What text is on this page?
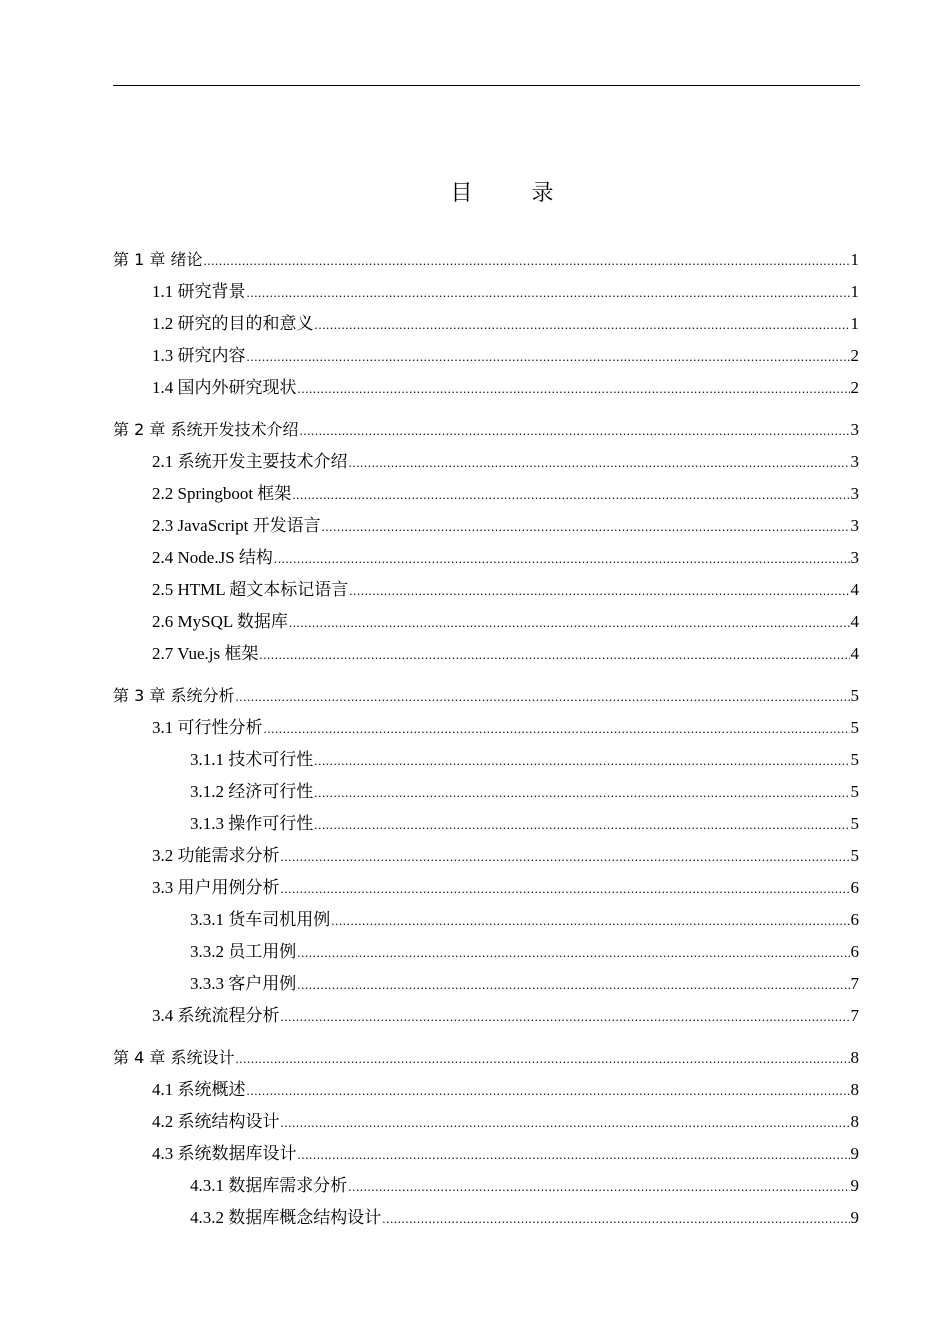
目 录
第 1 章 绪论 .....	1
1.1 研究背景 .....	1
1.2 研究的目的和意义 .....	1
1.3 研究内容 .....	2
1.4 国内外研究现状 .....	2
第 2 章 系统开发技术介绍 .....	3
2.1 系统开发主要技术介绍 .....	3
2.2 Springboot 框架 .....	3
2.3 JavaScript 开发语言 .....	3
2.4 Node.JS 结构 .....	3
2.5 HTML 超文本标记语言 .....	4
2.6 MySQL 数据库 .....	4
2.7 Vue.js 框架 .....	4
第 3 章 系统分析 .....	5
3.1 可行性分析 .....	5
3.1.1 技术可行性 .....	5
3.1.2 经济可行性 .....	5
3.1.3 操作可行性 .....	5
3.2 功能需求分析 .....	5
3.3 用户用例分析 .....	6
3.3.1 货车司机用例 .....	6
3.3.2 员工用例 .....	6
3.3.3 客户用例 .....	7
3.4 系统流程分析 .....	7
第 4 章 系统设计 .....	8
4.1 系统概述 .....	8
4.2 系统结构设计 .....	8
4.3 系统数据库设计 .....	9
4.3.1 数据库需求分析 .....	9
4.3.2 数据库概念结构设计 .....	9
